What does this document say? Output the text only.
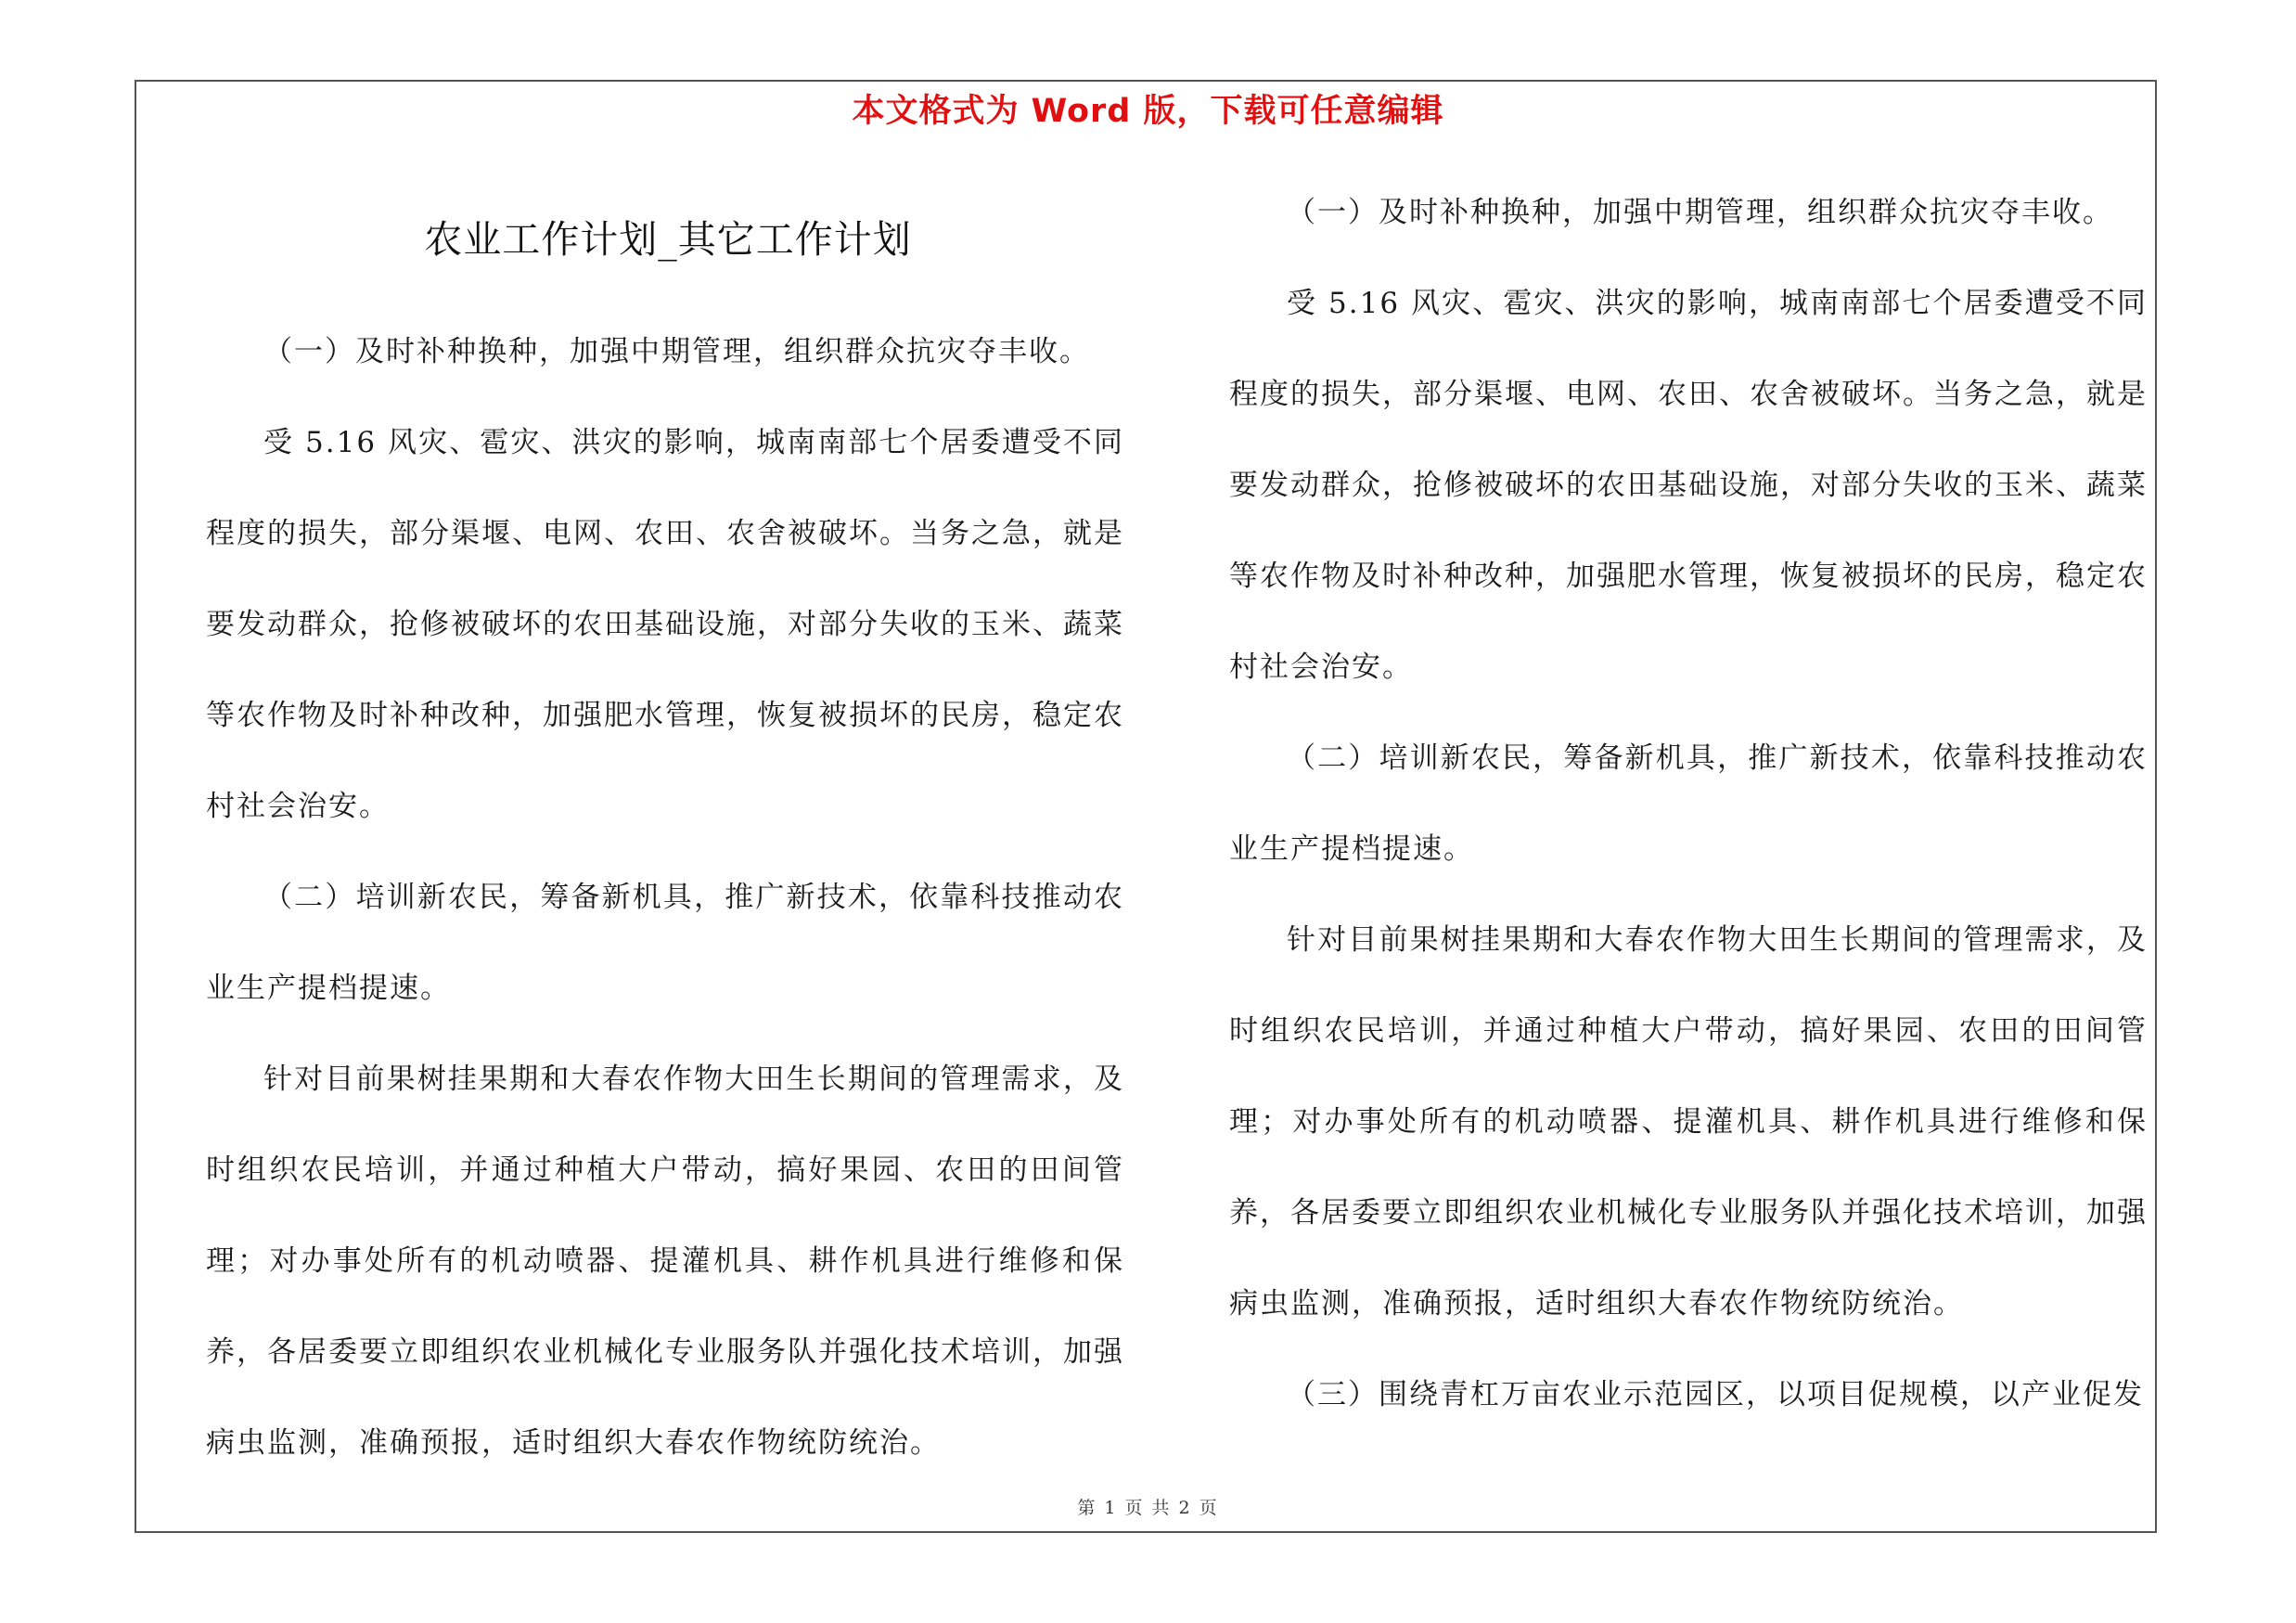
本文格式为 Word 版，下载可任意编辑
农业工作计划_其它工作计划

（一）及时补种换种，加强中期管理，组织群众抗灾夺丰收。

受 5.16 风灾、雹灾、洪灾的影响，城南南部七个居委遭受不同程度的损失，部分渠堰、电网、农田、农舍被破坏。当务之急，就是要发动群众，抢修被破坏的农田基础设施，对部分失收的玉米、蔬菜等农作物及时补种改种，加强肥水管理，恢复被损坏的民房，稳定农村社会治安。

（二）培训新农民，筹备新机具，推广新技术，依靠科技推动农业生产提档提速。

针对目前果树挂果期和大春农作物大田生长期间的管理需求，及时组织农民培训，并通过种植大户带动，搞好果园、农田的田间管理；对办事处所有的机动喷器、提灌机具、耕作机具进行维修和保养，各居委要立即组织农业机械化专业服务队并强化技术培训，加强病虫监测，准确预报，适时组织大春农作物统防统治。

（一）及时补种换种，加强中期管理，组织群众抗灾夺丰收。

受 5.16 风灾、雹灾、洪灾的影响，城南南部七个居委遭受不同程度的损失，部分渠堰、电网、农田、农舍被破坏。当务之急，就是要发动群众，抢修被破坏的农田基础设施，对部分失收的玉米、蔬菜等农作物及时补种改种，加强肥水管理，恢复被损坏的民房，稳定农村社会治安。

（二）培训新农民，筹备新机具，推广新技术，依靠科技推动农业生产提档提速。

针对目前果树挂果期和大春农作物大田生长期间的管理需求，及时组织农民培训，并通过种植大户带动，搞好果园、农田的田间管理；对办事处所有的机动喷器、提灌机具、耕作机具进行维修和保养，各居委要立即组织农业机械化专业服务队并强化技术培训，加强病虫监测，准确预报，适时组织大春农作物统防统治。

（三）围绕青杠万亩农业示范园区，以项目促规模，以产业促发

第 1 页 共 2 页
